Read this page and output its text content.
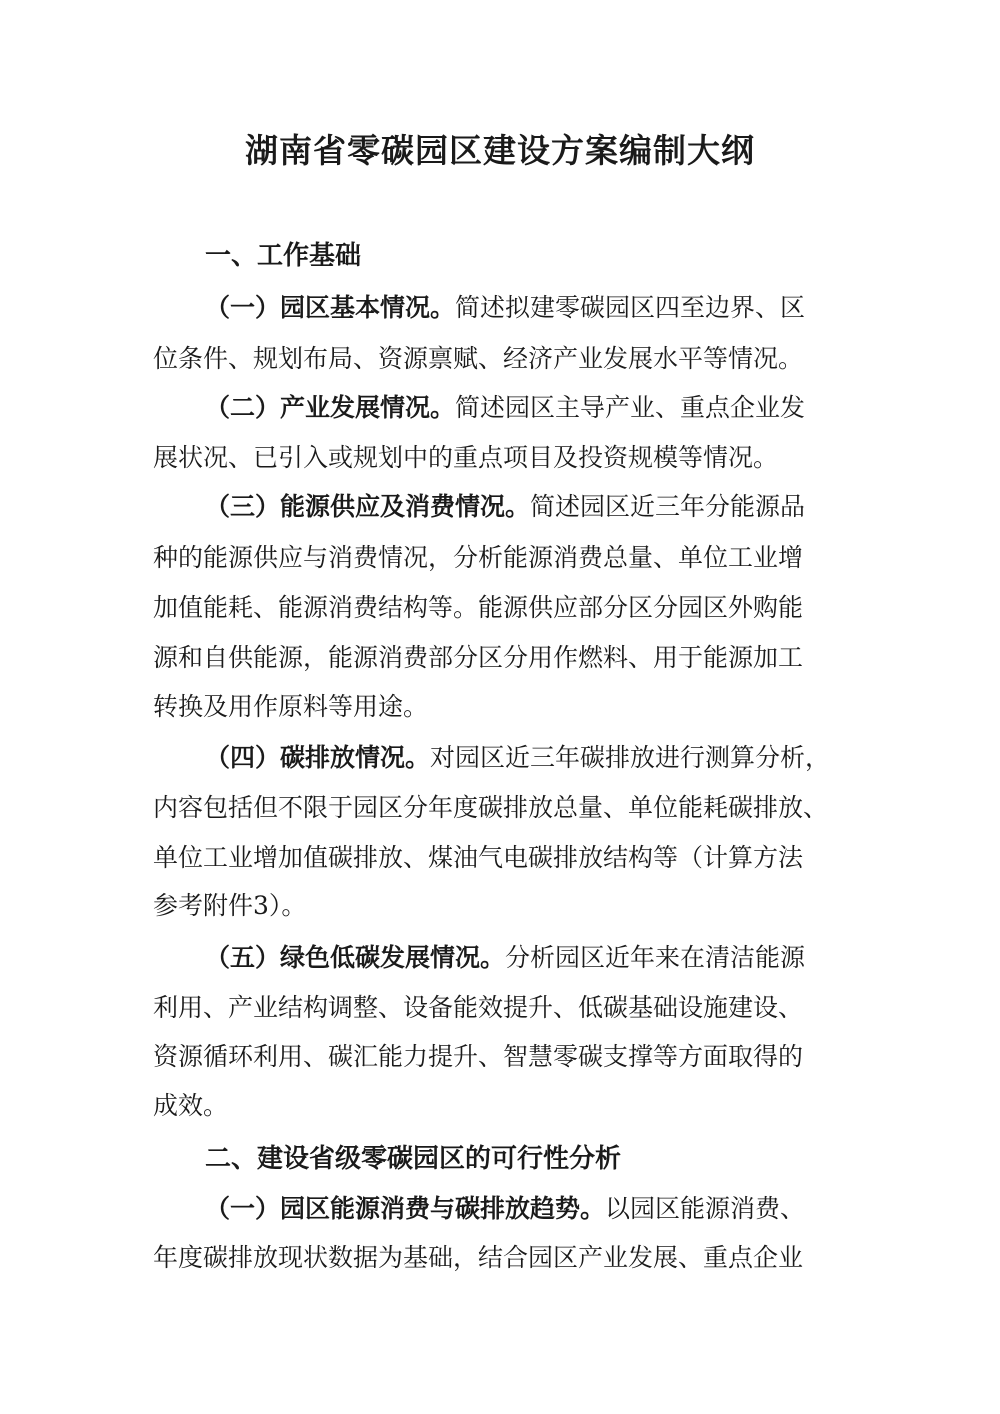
湖南省零碳园区建设方案编制大纲
一、工作基础
（一）园区基本情况。简述拟建零碳园区四至边界、区
位条件、规划布局、资源禀赋、经济产业发展水平等情况。
（二）产业发展情况。简述园区主导产业、重点企业发
展状况、已引入或规划中的重点项目及投资规模等情况。
（三）能源供应及消费情况。简述园区近三年分能源品
种的能源供应与消费情况，分析能源消费总量、单位工业增
加值能耗、能源消费结构等。能源供应部分区分园区外购能
源和自供能源，能源消费部分区分用作燃料、用于能源加工
转换及用作原料等用途。
（四）碳排放情况。对园区近三年碳排放进行测算分析，
内容包括但不限于园区分年度碳排放总量、单位能耗碳排放、
单位工业增加值碳排放、煤油气电碳排放结构等（计算方法
参考附件3）。
（五）绿色低碳发展情况。分析园区近年来在清洁能源
利用、产业结构调整、设备能效提升、低碳基础设施建设、
资源循环利用、碳汇能力提升、智慧零碳支撑等方面取得的
成效。
二、建设省级零碳园区的可行性分析
（一）园区能源消费与碳排放趋势。以园区能源消费、
年度碳排放现状数据为基础，结合园区产业发展、重点企业
